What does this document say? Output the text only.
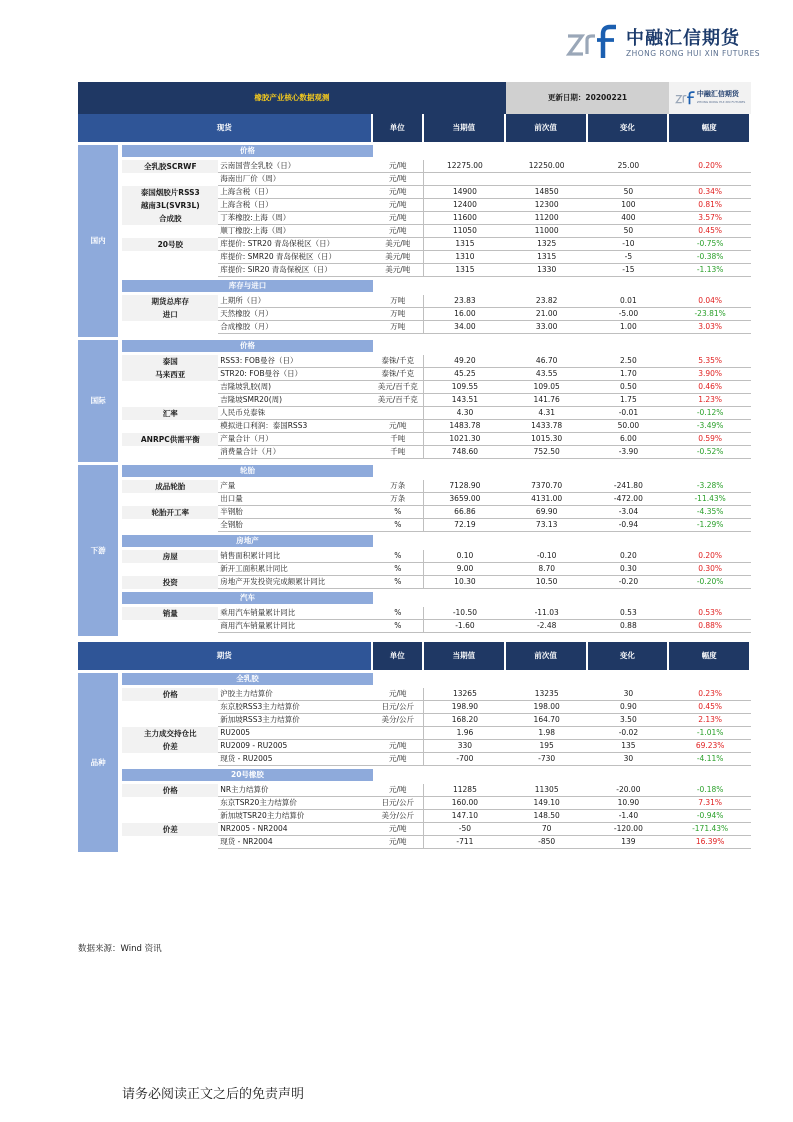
中融汇信期货
ZHONG RONG HUI XIN FUTURES
橡胶产业核心数据观测						更新日期：20200221		中融汇信期货
ZHONG RONG HUI XIN FUTURES

现货				单位	当期值	前次值	变化	幅度

国内		价格						

		全乳胶SCRWF	云南国营全乳胶（日）	元/吨	12275.00	12250.00	25.00	0.20%
			海南出厂价（周）	元/吨				
		泰国烟胶片RSS3	上海含税（日）	元/吨	14900	14850	50	0.34%
		越南3L(SVR3L)	上海含税（日）	元/吨	12400	12300	100	0.81%
		合成胶	丁苯橡胶:上海（周）	元/吨	11600	11200	400	3.57%
			顺丁橡胶:上海（周）	元/吨	11050	11000	50	0.45%
		20号胶	库提价: STR20 青岛保税区（日）	美元/吨	1315	1325	-10	-0.75%
			库提价: SMR20 青岛保税区（日）	美元/吨	1310	1315	-5	-0.38%
			库提价: SIR20 青岛保税区（日）	美元/吨	1315	1330	-15	-1.13%

		库存与进口						

		期货总库存	上期所（日）	万吨	23.83	23.82	0.01	0.04%
		进口	天然橡胶（月）	万吨	16.00	21.00	-5.00	-23.81%
			合成橡胶（月）	万吨	34.00	33.00	1.00	3.03%

国际		价格						

		泰国	RSS3: FOB曼谷（日）	泰铢/千克	49.20	46.70	2.50	5.35%
		马来西亚	STR20: FOB曼谷（日）	泰铢/千克	45.25	43.55	1.70	3.90%
			吉隆坡乳胶(周)	美元/百千克	109.55	109.05	0.50	0.46%
			吉隆坡SMR20(周)	美元/百千克	143.51	141.76	1.75	1.23%
		汇率	人民币兑泰铢		4.30	4.31	-0.01	-0.12%
			模拟进口利润：泰国RSS3	元/吨	1483.78	1433.78	50.00	-3.49%
		ANRPC供需平衡	产量合计（月）	千吨	1021.30	1015.30	6.00	0.59%
			消费量合计（月）	千吨	748.60	752.50	-3.90	-0.52%

下游		轮胎						

		成品轮胎	产量	万条	7128.90	7370.70	-241.80	-3.28%
			出口量	万条	3659.00	4131.00	-472.00	-11.43%
		轮胎开工率	半钢胎	%	66.86	69.90	-3.04	-4.35%
			全钢胎	%	72.19	73.13	-0.94	-1.29%

		房地产						

		房屋	销售面积累计同比	%	0.10	-0.10	0.20	0.20%
			新开工面积累计同比	%	9.00	8.70	0.30	0.30%
		投资	房地产开发投资完成额累计同比	%	10.30	10.50	-0.20	-0.20%

		汽车						

		销量	乘用汽车销量累计同比	%	-10.50	-11.03	0.53	0.53%
			商用汽车销量累计同比	%	-1.60	-2.48	0.88	0.88%

期货				单位	当期值	前次值	变化	幅度

品种		全乳胶						

		价格	沪胶主力结算价	元/吨	13265	13235	30	0.23%
			东京胶RSS3主力结算价	日元/公斤	198.90	198.00	0.90	0.45%
			新加坡RSS3主力结算价	美分/公斤	168.20	164.70	3.50	2.13%
		主力成交持仓比	RU2005		1.96	1.98	-0.02	-1.01%
		价差	RU2009 - RU2005	元/吨	330	195	135	69.23%
			现货 - RU2005	元/吨	-700	-730	30	-4.11%

		20号橡胶						

		价格	NR主力结算价	元/吨	11285	11305	-20.00	-0.18%
			东京TSR20主力结算价	日元/公斤	160.00	149.10	10.90	7.31%
			新加坡TSR20主力结算价	美分/公斤	147.10	148.50	-1.40	-0.94%
		价差	NR2005 - NR2004	元/吨	-50	70	-120.00	-171.43%
			现货 - NR2004	元/吨	-711	-850	139	16.39%

数据来源：Wind 资讯
请务必阅读正文之后的免责声明
